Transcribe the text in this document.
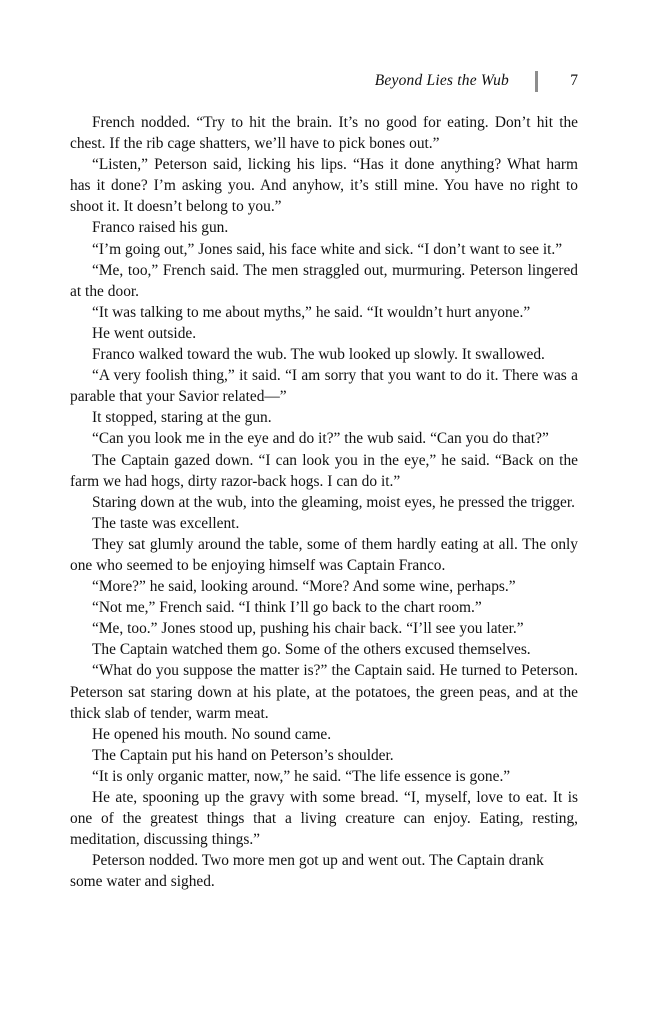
Beyond Lies the Wub	7

French nodded. “Try to hit the brain. It’s no good for eating. Don’t hit the chest. If the rib cage shatters, we’ll have to pick bones out.”

“Listen,” Peterson said, licking his lips. “Has it done anything? What harm has it done? I’m asking you. And anyhow, it’s still mine. You have no right to shoot it. It doesn’t belong to you.”

Franco raised his gun.

“I’m going out,” Jones said, his face white and sick. “I don’t want to see it.”

“Me, too,” French said. The men straggled out, murmuring. Peterson lingered at the door.

“It was talking to me about myths,” he said. “It wouldn’t hurt anyone.”

He went outside.

Franco walked toward the wub. The wub looked up slowly. It swallowed.

“A very foolish thing,” it said. “I am sorry that you want to do it. There was a parable that your Savior related—”

It stopped, staring at the gun.

“Can you look me in the eye and do it?” the wub said. “Can you do that?”

The Captain gazed down. “I can look you in the eye,” he said. “Back on the farm we had hogs, dirty razor-back hogs. I can do it.”

Staring down at the wub, into the gleaming, moist eyes, he pressed the trigger.

The taste was excellent.

They sat glumly around the table, some of them hardly eating at all. The only one who seemed to be enjoying himself was Captain Franco.

“More?” he said, looking around. “More? And some wine, perhaps.”

“Not me,” French said. “I think I’ll go back to the chart room.”

“Me, too.” Jones stood up, pushing his chair back. “I’ll see you later.”

The Captain watched them go. Some of the others excused themselves.

“What do you suppose the matter is?” the Captain said. He turned to Peterson. Peterson sat staring down at his plate, at the potatoes, the green peas, and at the thick slab of tender, warm meat.

He opened his mouth. No sound came.

The Captain put his hand on Peterson’s shoulder.

“It is only organic matter, now,” he said. “The life essence is gone.”

He ate, spooning up the gravy with some bread. “I, myself, love to eat. It is one of the greatest things that a living creature can enjoy. Eating, resting, meditation, discussing things.”

Peterson nodded. Two more men got up and went out. The Captain drank some water and sighed.
